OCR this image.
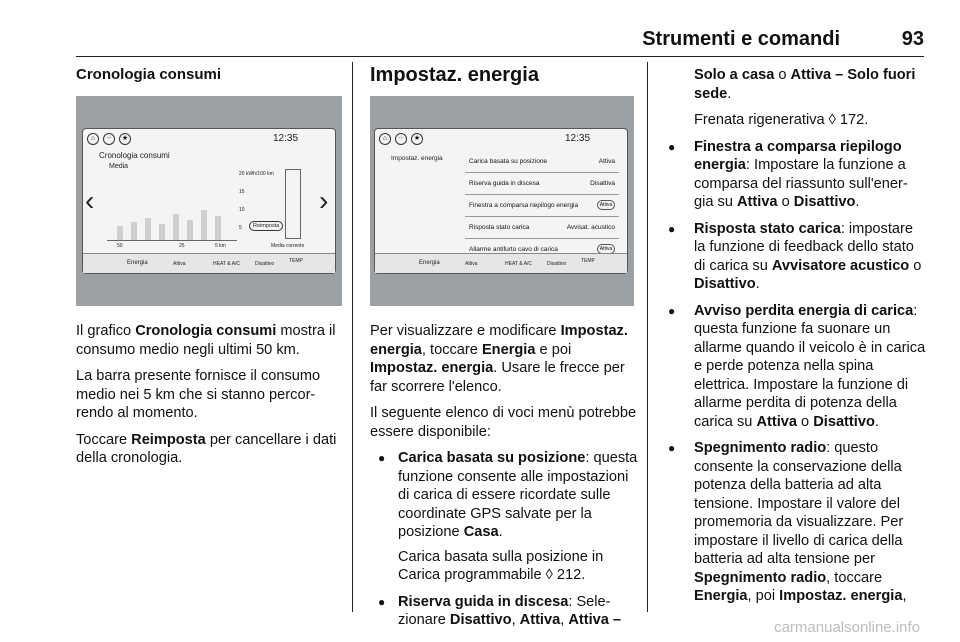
Strumenti e comandi	93
Cronologia consumi
⌂	⁘	★	12:35
Cronologia consumi
Media
‹	›
20 kWh/100 km
15
10
5
50	25	5 km
Reimposta
Media corrente
Energia	Attiva	HEAT & A/C	Disattivo	TEMP

Il grafico Cronologia consumi mostra il consumo medio negli ultimi 50 km.

La barra presente fornisce il consumo medio nei 5 km che si stanno percor-rendo al momento.

Toccare Reimposta per cancellare i dati della cronologia.

Impostaz. energia
⌂	⁘	★	12:35
Impostaz. energia	Carica basata su posizione	Attiva
Riserva guida in discesa	Disattiva
Finestra a comparsa riepilogo energia	Attiva
Risposta stato carica	Avvisat. acustico
Allarme antifurto cavo di carica	Attiva
Energia	Attiva	HEAT & A/C	Disattivo	TEMP

Per visualizzare e modificare Impostaz. energia, toccare Energia e poi Impostaz. energia. Usare le frecce per far scorrere l'elenco.

Il seguente elenco di voci menù potrebbe essere disponibile:

● Carica basata su posizione: questa funzione consente alle impostazioni di carica di essere ricordate sulle coordinate GPS salvate per la posizione Casa.

Carica basata sulla posizione in Carica programmabile ◊ 212.

● Riserva guida in discesa: Sele-zionare Disattivo, Attiva, Attiva –

Solo a casa o Attiva – Solo fuori sede.

Frenata rigenerativa ◊ 172.

● Finestra a comparsa riepilogo energia: Impostare la funzione a comparsa del riassunto sull'ener-gia su Attiva o Disattivo.
● Risposta stato carica: impostare la funzione di feedback dello stato di carica su Avvisatore acustico o Disattivo.
● Avviso perdita energia di carica: questa funzione fa suonare un allarme quando il veicolo è in carica e perde potenza nella spina elettrica. Impostare la funzione di allarme perdita di potenza della carica su Attiva o Disattivo.
● Spegnimento radio: questo consente la conservazione della potenza della batteria ad alta tensione. Impostare il valore del promemoria da visualizzare. Per impostare il livello di carica della batteria ad alta tensione per Spegnimento radio, toccare Energia, poi Impostaz. energia,
carmanualsonline.info
